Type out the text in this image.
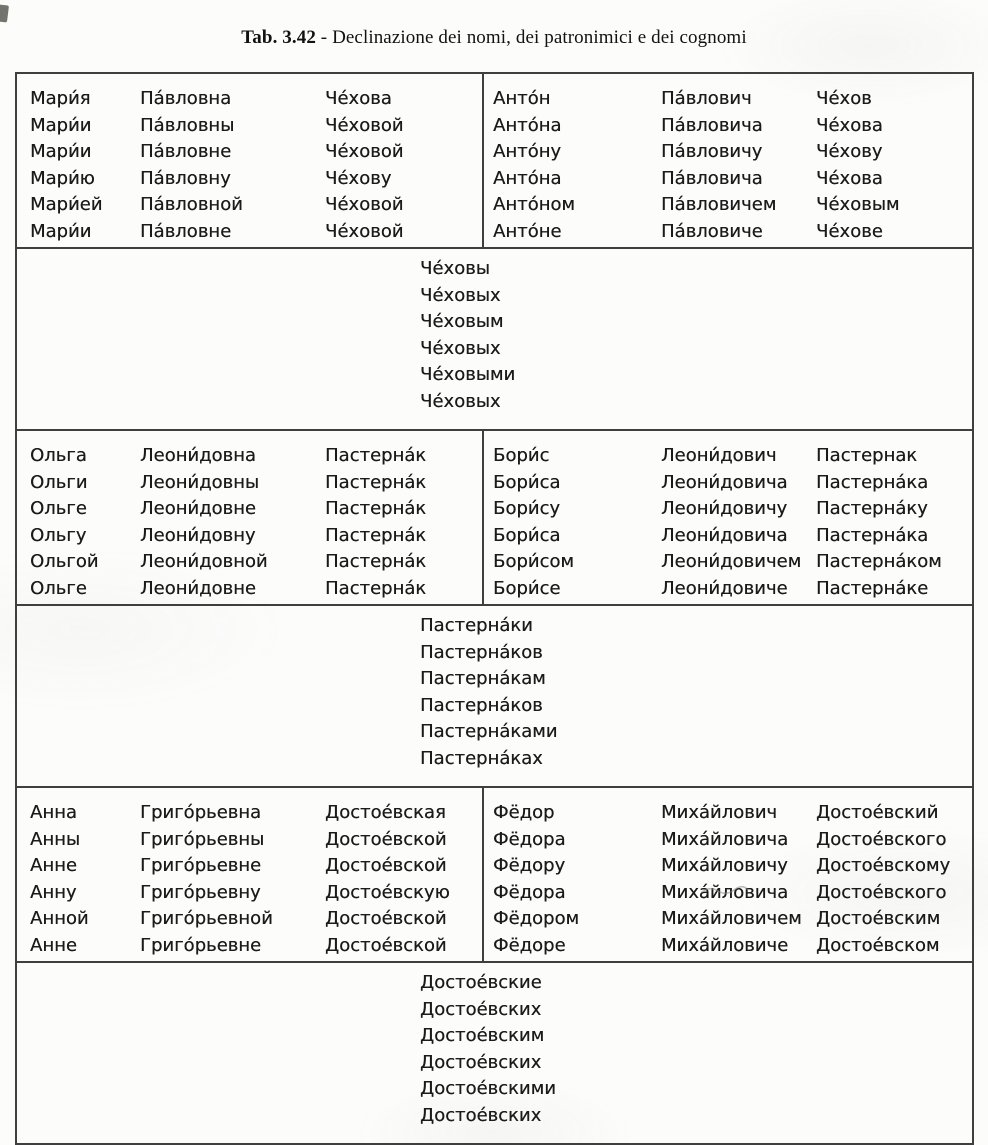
Tab. 3.42 - Declinazione dei nomi, dei patronimici e dei cognomi
Мари́я	Па́вловна	Че́хова
Мари́и	Па́вловны	Че́ховой
Мари́и	Па́вловне	Че́ховой
Мари́ю	Па́вловну	Че́хову
Мари́ей	Па́вловной	Че́ховой
Мари́и	Па́вловне	Че́ховой
Анто́н	Па́влович	Че́хов
Анто́на	Па́вловича	Че́хова
Анто́ну	Па́вловичу	Че́хову
Анто́на	Па́вловича	Че́хова
Анто́ном	Па́вловичем	Че́ховым
Анто́не	Па́вловиче	Че́хове
Че́ховы
Че́ховых
Че́ховым
Че́ховых
Че́ховыми
Че́ховых
Ольга	Леони́довна	Пастерна́к
Ольги	Леони́довны	Пастерна́к
Ольге	Леони́довне	Пастерна́к
Ольгу	Леони́довну	Пастерна́к
Ольгой	Леони́довной	Пастерна́к
Ольге	Леони́довне	Пастерна́к
Бори́с	Леони́дович	Пастернак
Бори́са	Леони́довича	Пастерна́ка
Бори́су	Леони́довичу	Пастерна́ку
Бори́са	Леони́довича	Пастерна́ка
Бори́сом	Леони́довичем Пастерна́ком
Бори́се	Леони́довиче	Пастерна́ке
Пастерна́ки
Пастерна́ков
Пастерна́кам
Пастерна́ков
Пастерна́ками
Пастерна́ках
Анна	Григо́рьевна	Достое́вская
Анны	Григо́рьевны	Достое́вской
Анне	Григо́рьевне	Достое́вской
Анну	Григо́рьевну	Достое́вскую
Анной	Григо́рьевной	Достое́вской
Анне	Григо́рьевне	Достое́вской
Фёдор	Миха́йлович	Достое́вский
Фёдора	Миха́йловича	Достое́вского
Фёдору	Миха́йловичу	Достое́вскому
Фёдора	Миха́йловича	Достое́вского
Фёдором	Миха́йловичем Достое́вским
Фёдоре	Миха́йловиче	Достое́вском
Достое́вские
Достое́вских
Достое́вским
Достое́вских
Достое́вскими
Достое́вских
